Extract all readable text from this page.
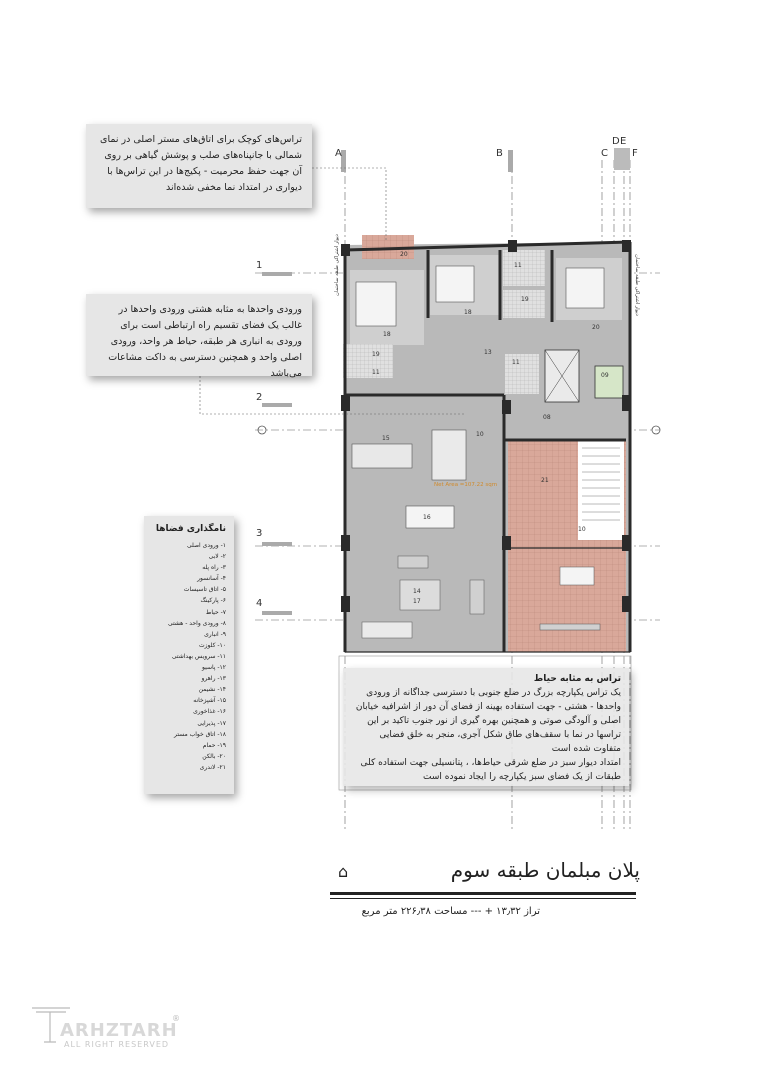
A	B	C
D E
F
1
2
3
4
20
18
19
18
11
11
19
20
09
08
10
15
13
21
16
14
17
11
10
Net Area =107.22 sqm
دیوار اشتراکی طبقه ساختمان	دیوار اشتراکی طبقه ساختمان
تراس‌های کوچک برای اتاق‌های مستر اصلی در نمای شمالی با جانپناه‌های صلب و پوشش گیاهی بر روی آن جهت حفظ محرمیت - پکیج‌ها در این تراس‌ها با دیواری در امتداد نما مخفی شده‌اند
ورودی واحدها به مثابه هشتی ورودی واحدها در غالب یک فضای تقسیم راه ارتباطی است برای ورودی به انباری هر طبقه، حیاط هر واحد، ورودی اصلی واحد و همچنین دسترسی به داکت مشاعات می‌باشد
نامگذاری فضاها
۱- ورودی اصلی
۲- لابی
۳- راه پله
۴- آسانسور
۵- اتاق تاسیسات
۶- پارکینگ
۷- حیاط
۸- ورودی واحد - هشتی
۹- انباری
۱۰- کلوزت
۱۱- سرویس بهداشتی
۱۲- پاسیو
۱۳- راهرو
۱۴- نشیمن
۱۵- آشپزخانه
۱۶- غذاخوری
۱۷- پذیرایی
۱۸- اتاق خواب مستر
۱۹- حمام
۲۰- بالکن
۲۱- لاندری
تراس به مثابه حیاط
یک تراس یکپارچه بزرگ در ضلع جنوبی با دسترسی جداگانه از ورودی واحدها - هشتی - جهت استفاده بهینه از فضای آن دور از اشرافیه خیابان اصلی و آلودگی صوتی و همچنین بهره گیری از نور جنوب تاکید بر این تراسها در نما با سقف‌های طاق شکل آجری، منجر به خلق فضایی متفاوت شده است
امتداد دیوار سبز در ضلع شرقی حیاط‌ها، ، پتانسیلی جهت استفاده کلی طبقات از یک فضای سبز یکپارچه را ایجاد نموده است
⌂	پلان مبلمان طبقه سوم
تراز ۱۳٫۳۲ + --- مساحت ۲۲۶٫۳۸ متر مربع
ARHZTARH
®
ALL RIGHT RESERVED
